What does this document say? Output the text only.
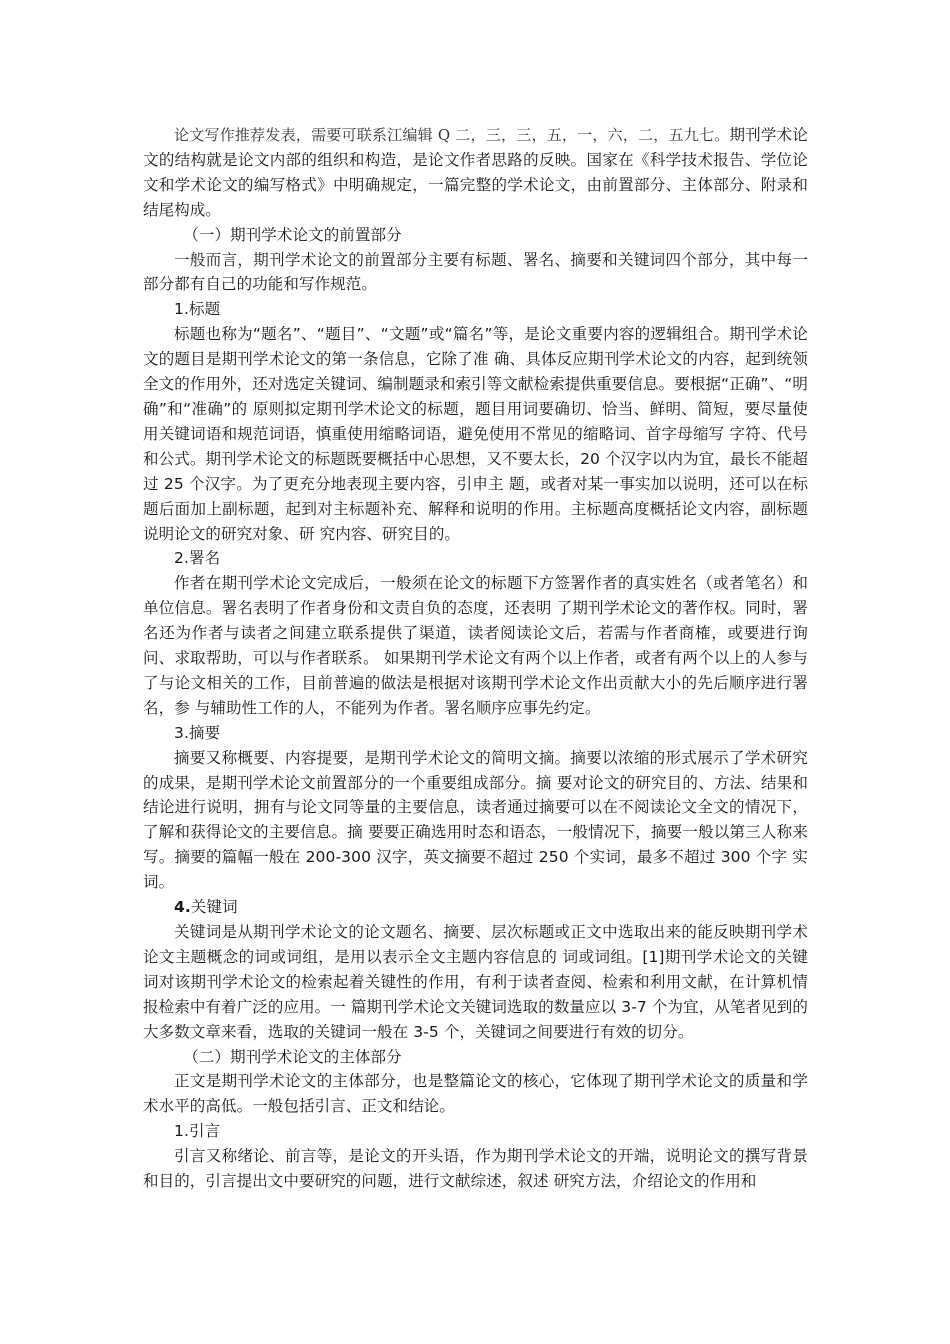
论文写作推荐发表，需要可联系江编辑 Q 二，三，三，五，一，六，二，五九七。期刊学术论文的结构就是论文内部的组织和构造，是论文作者思路的反映。国家在《科学技术报告、学位论文和学术论文的编写格式》中明确规定，一篇完整的学术论文，由前置部分、主体部分、附录和结尾构成。

（一）期刊学术论文的前置部分

一般而言，期刊学术论文的前置部分主要有标题、署名、摘要和关键词四个部分，其中每一部分都有自己的功能和写作规范。

1.标题

标题也称为“题名”、“题目”、“文题”或“篇名”等，是论文重要内容的逻辑组合。期刊学术论文的题目是期刊学术论文的第一条信息，它除了准 确、具体反应期刊学术论文的内容，起到统领全文的作用外，还对选定关键词、编制题录和索引等文献检索提供重要信息。要根据“正确”、“明确”和“准确”的 原则拟定期刊学术论文的标题，题目用词要确切、恰当、鲜明、简短，要尽量使用关键词语和规范词语，慎重使用缩略词语，避免使用不常见的缩略词、首字母缩写 字符、代号和公式。期刊学术论文的标题既要概括中心思想，又不要太长，20 个汉字以内为宜，最长不能超过 25 个汉字。为了更充分地表现主要内容，引申主 题，或者对某一事实加以说明，还可以在标题后面加上副标题，起到对主标题补充、解释和说明的作用。主标题高度概括论文内容，副标题说明论文的研究对象、研 究内容、研究目的。

2.署名

作者在期刊学术论文完成后，一般须在论文的标题下方签署作者的真实姓名（或者笔名）和单位信息。署名表明了作者身份和文责自负的态度，还表明 了期刊学术论文的著作权。同时，署名还为作者与读者之间建立联系提供了渠道，读者阅读论文后，若需与作者商榷，或要进行询问、求取帮助，可以与作者联系。 如果期刊学术论文有两个以上作者，或者有两个以上的人参与了与论文相关的工作，目前普遍的做法是根据对该期刊学术论文作出贡献大小的先后顺序进行署名，参 与辅助性工作的人，不能列为作者。署名顺序应事先约定。

3.摘要

摘要又称概要、内容提要，是期刊学术论文的简明文摘。摘要以浓缩的形式展示了学术研究的成果，是期刊学术论文前置部分的一个重要组成部分。摘 要对论文的研究目的、方法、结果和结论进行说明，拥有与论文同等量的主要信息，读者通过摘要可以在不阅读论文全文的情况下，了解和获得论文的主要信息。摘 要要正确选用时态和语态，一般情况下，摘要一般以第三人称来写。摘要的篇幅一般在 200-300 汉字，英文摘要不超过 250 个实词，最多不超过 300 个字 实词。

4.关键词

关键词是从期刊学术论文的论文题名、摘要、层次标题或正文中选取出来的能反映期刊学术论文主题概念的词或词组，是用以表示全文主题内容信息的 词或词组。[1]期刊学术论文的关键词对该期刊学术论文的检索起着关键性的作用，有利于读者查阅、检索和利用文献，在计算机情报检索中有着广泛的应用。一 篇期刊学术论文关键词选取的数量应以 3-7 个为宜，从笔者见到的大多数文章来看，选取的关键词一般在 3-5 个，关键词之间要进行有效的切分。

（二）期刊学术论文的主体部分

正文是期刊学术论文的主体部分，也是整篇论文的核心，它体现了期刊学术论文的质量和学术水平的高低。一般包括引言、正文和结论。

1.引言

引言又称绪论、前言等，是论文的开头语，作为期刊学术论文的开端，说明论文的撰写背景和目的，引言提出文中要研究的问题，进行文献综述，叙述 研究方法，介绍论文的作用和
